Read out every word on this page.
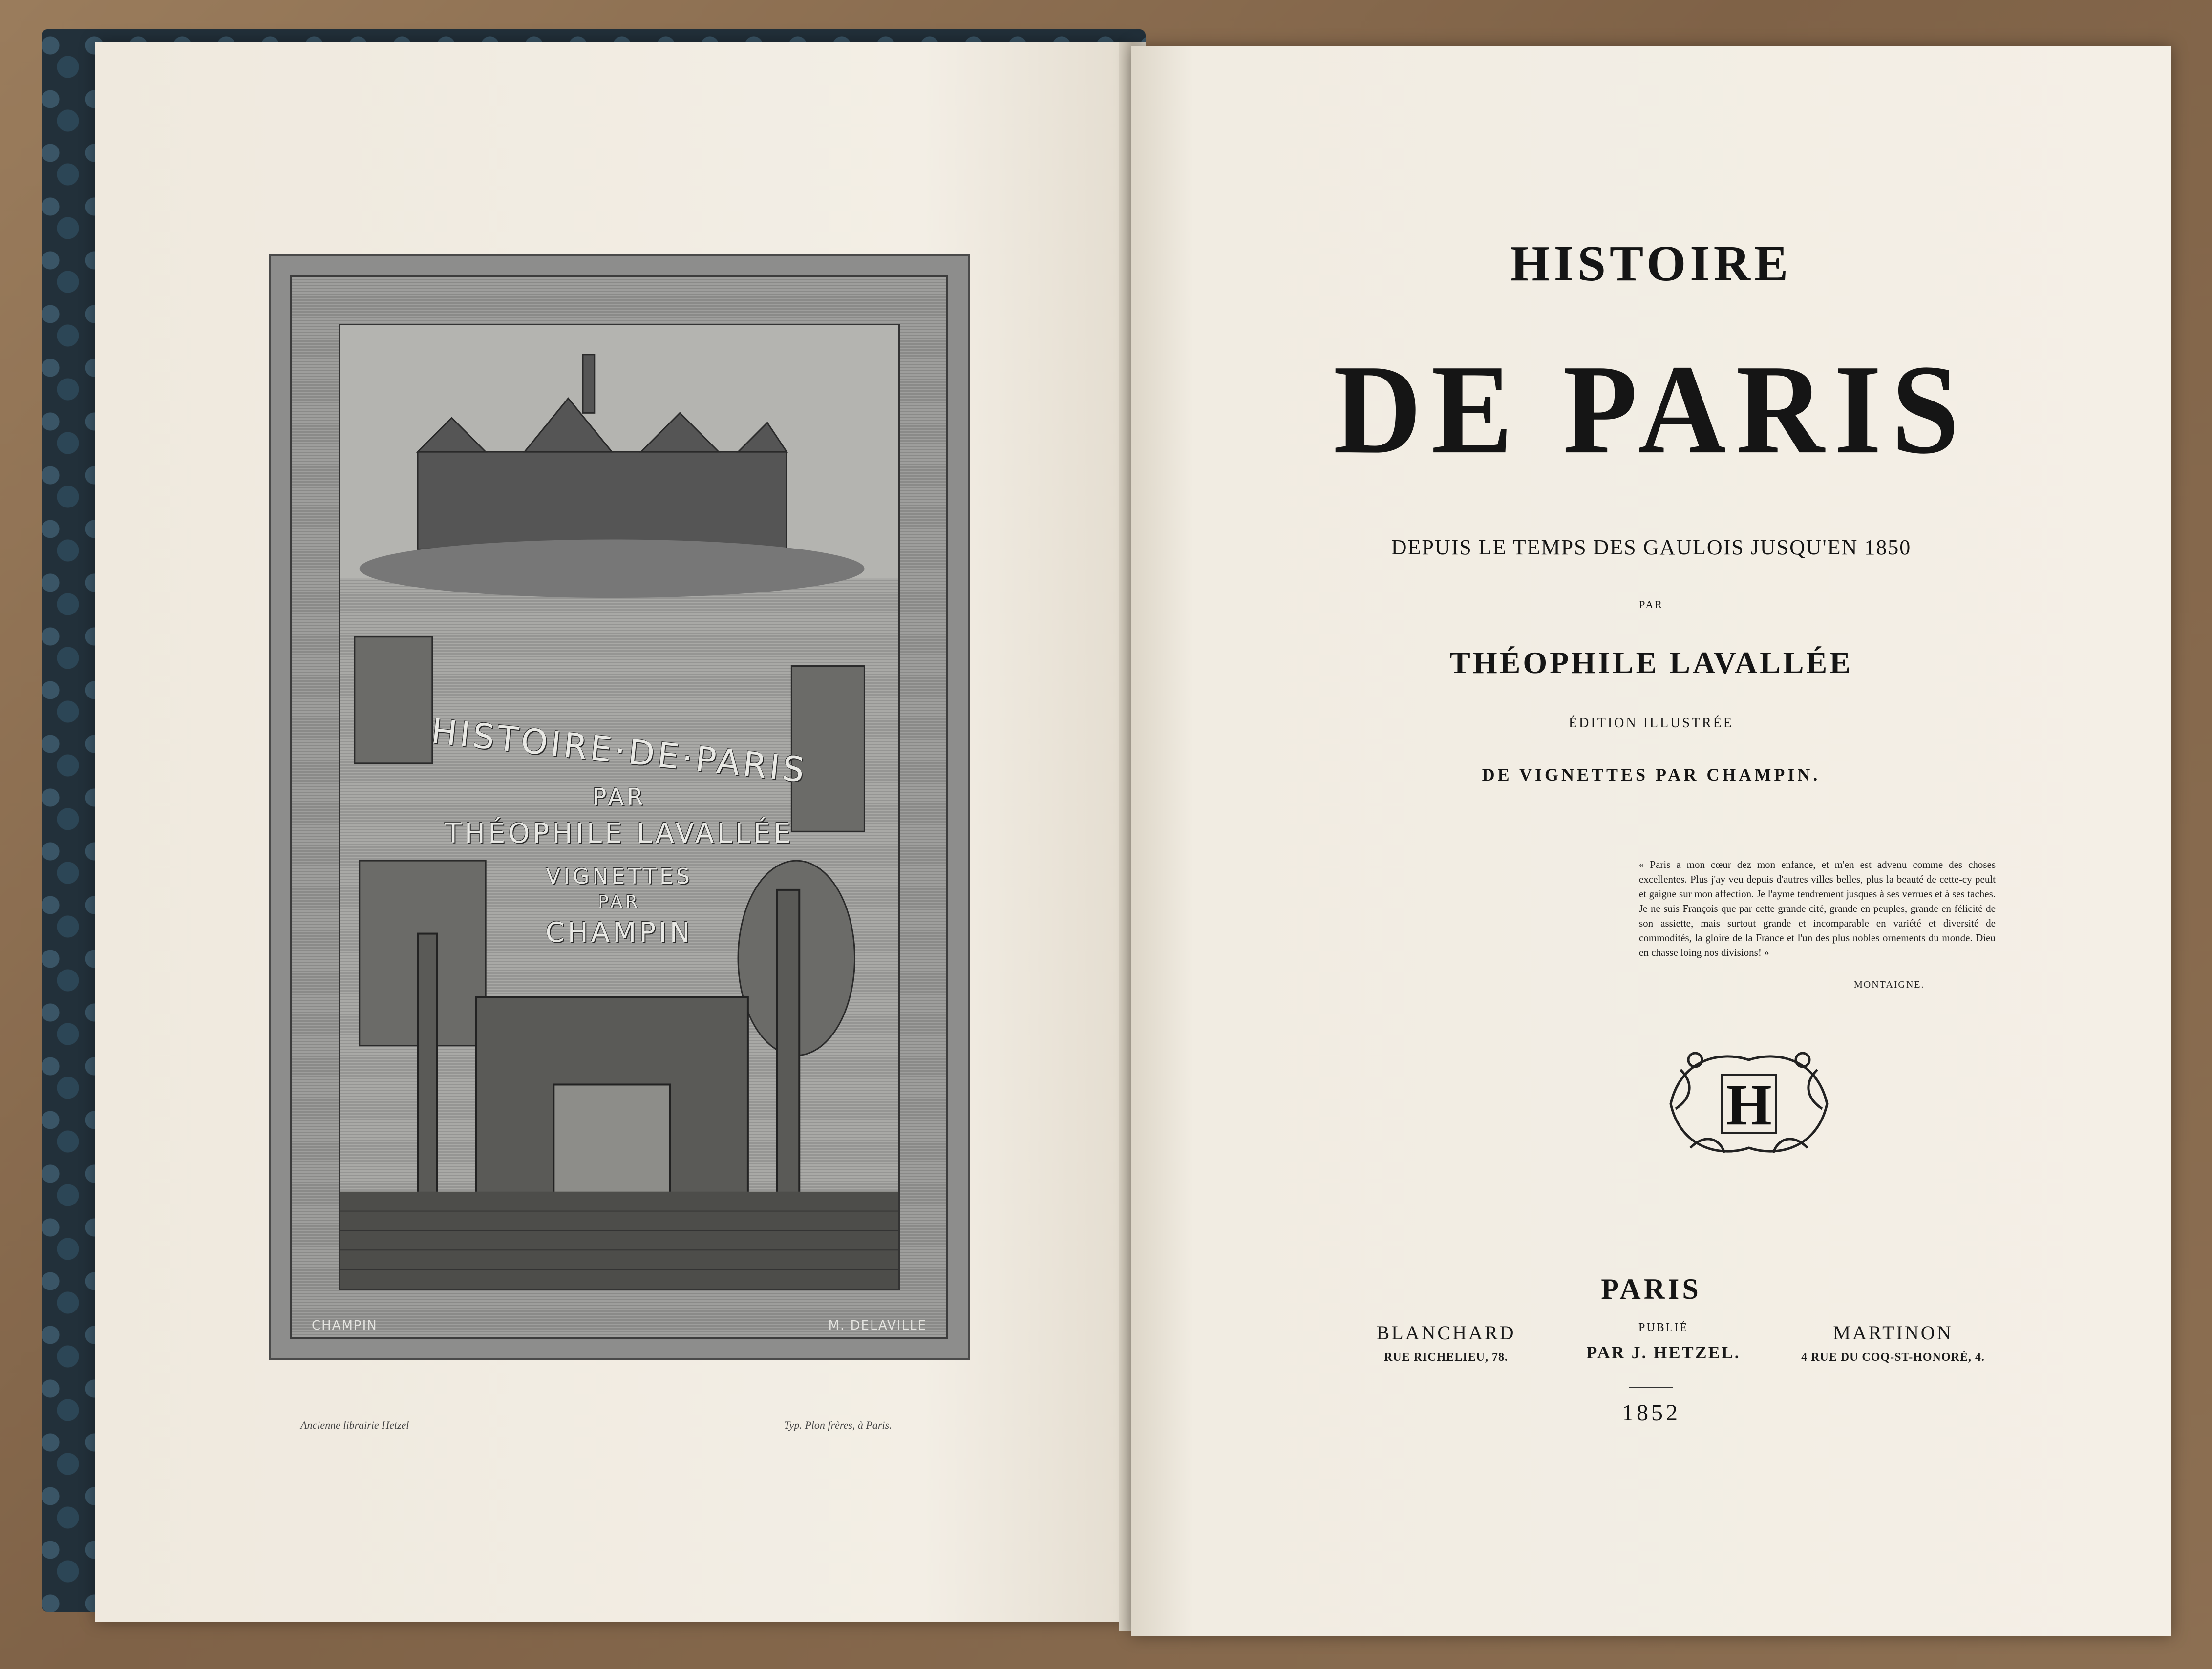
HISTOIRE·DE·PARIS
PAR
THÉOPHILE LAVALLÉE
VIGNETTES
PAR
CHAMPIN
CHAMPIN	M. DELAVILLE
Ancienne librairie Hetzel	Typ. Plon frères, à Paris.
HISTOIRE
DE PARIS
DEPUIS LE TEMPS DES GAULOIS JUSQU'EN 1850
PAR
THÉOPHILE LAVALLÉE
ÉDITION ILLUSTRÉE
DE VIGNETTES PAR CHAMPIN.
« Paris a mon cœur dez mon enfance, et m'en est advenu comme des choses excellentes. Plus j'ay veu depuis d'autres villes belles, plus la beauté de cette-cy peult et gaigne sur mon affection. Je l'ayme tendrement jusques à ses verrues et à ses taches. Je ne suis François que par cette grande cité, grande en peuples, grande en félicité de son assiette, mais surtout grande et incomparable en variété et diversité de commodités, la gloire de la France et l'un des plus nobles ornements du monde. Dieu en chasse loing nos divisions! »
MONTAIGNE.
H
PARIS
BLANCHARD
RUE RICHELIEU, 78.
PUBLIÉ
PAR J. HETZEL.
MARTINON
4 RUE DU COQ-ST-HONORÉ, 4.
1852
